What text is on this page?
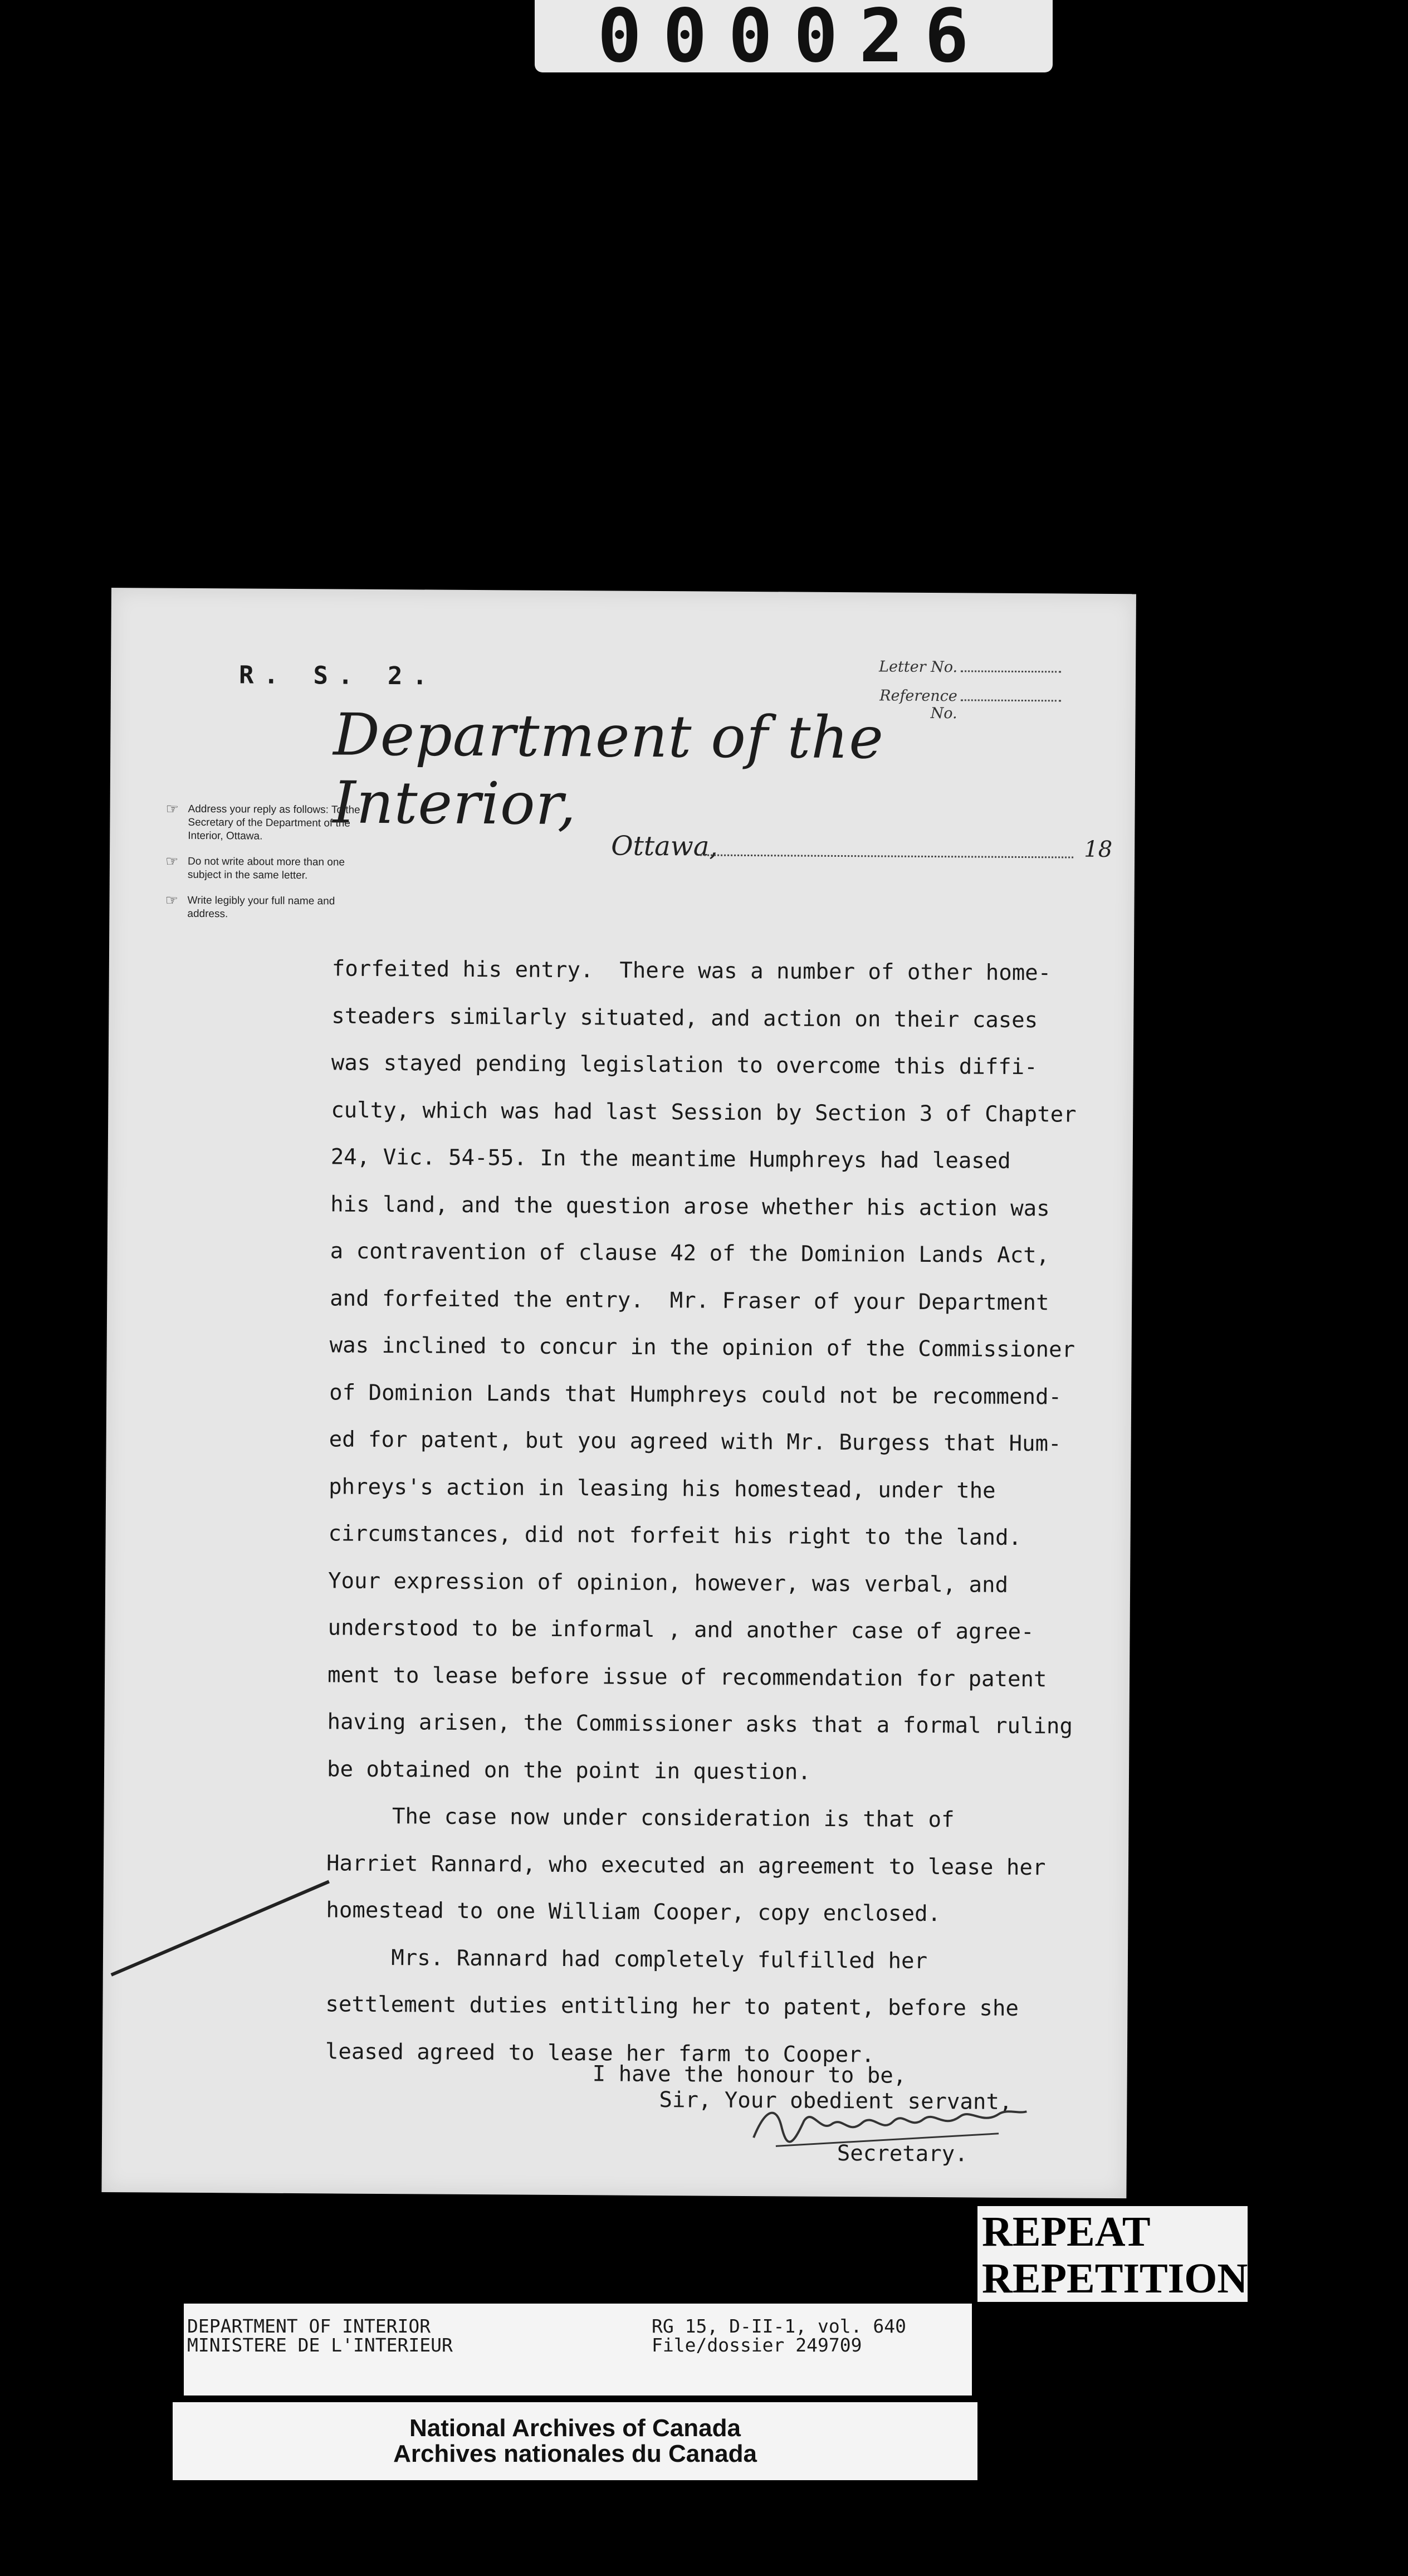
000026
R. S. 2.	Letter No.
Reference No.
Department of the Interior,
☞ Address your reply as follows: To the Secretary of the Department of the Interior, Ottawa.
☞ Do not write about more than one subject in the same letter.
☞ Write legibly your full name and address.
Ottawa,	18
forfeited his entry.  There was a number of other home-
steaders similarly situated, and action on their cases
was stayed pending legislation to overcome this diffi-
culty, which was had last Session by Section 3 of Chapter
24, Vic. 54-55. In the meantime Humphreys had leased
his land, and the question arose whether his action was
a contravention of clause 42 of the Dominion Lands Act,
and forfeited the entry.  Mr. Fraser of your Department
was inclined to concur in the opinion of the Commissioner
of Dominion Lands that Humphreys could not be recommend-
ed for patent, but you agreed with Mr. Burgess that Hum-
phreys's action in leasing his homestead, under the
circumstances, did not forfeit his right to the land.
Your expression of opinion, however, was verbal, and
understood to be informal , and another case of agree-
ment to lease before issue of recommendation for patent
having arisen, the Commissioner asks that a formal ruling
be obtained on the point in question.
The case now under consideration is that of
Harriet Rannard, who executed an agreement to lease her
homestead to one William Cooper, copy enclosed.
Mrs. Rannard had completely fulfilled her
settlement duties entitling her to patent, before she
leased agreed to lease her farm to Cooper.
I have the honour to be,
Sir, Your obedient servant,
Secretary.
REPEAT
REPETITION
DEPARTMENT OF INTERIOR
MINISTERE DE L'INTERIEUR
RG 15, D-II-1, vol. 640
File/dossier 249709
National Archives of Canada
Archives nationales du Canada
